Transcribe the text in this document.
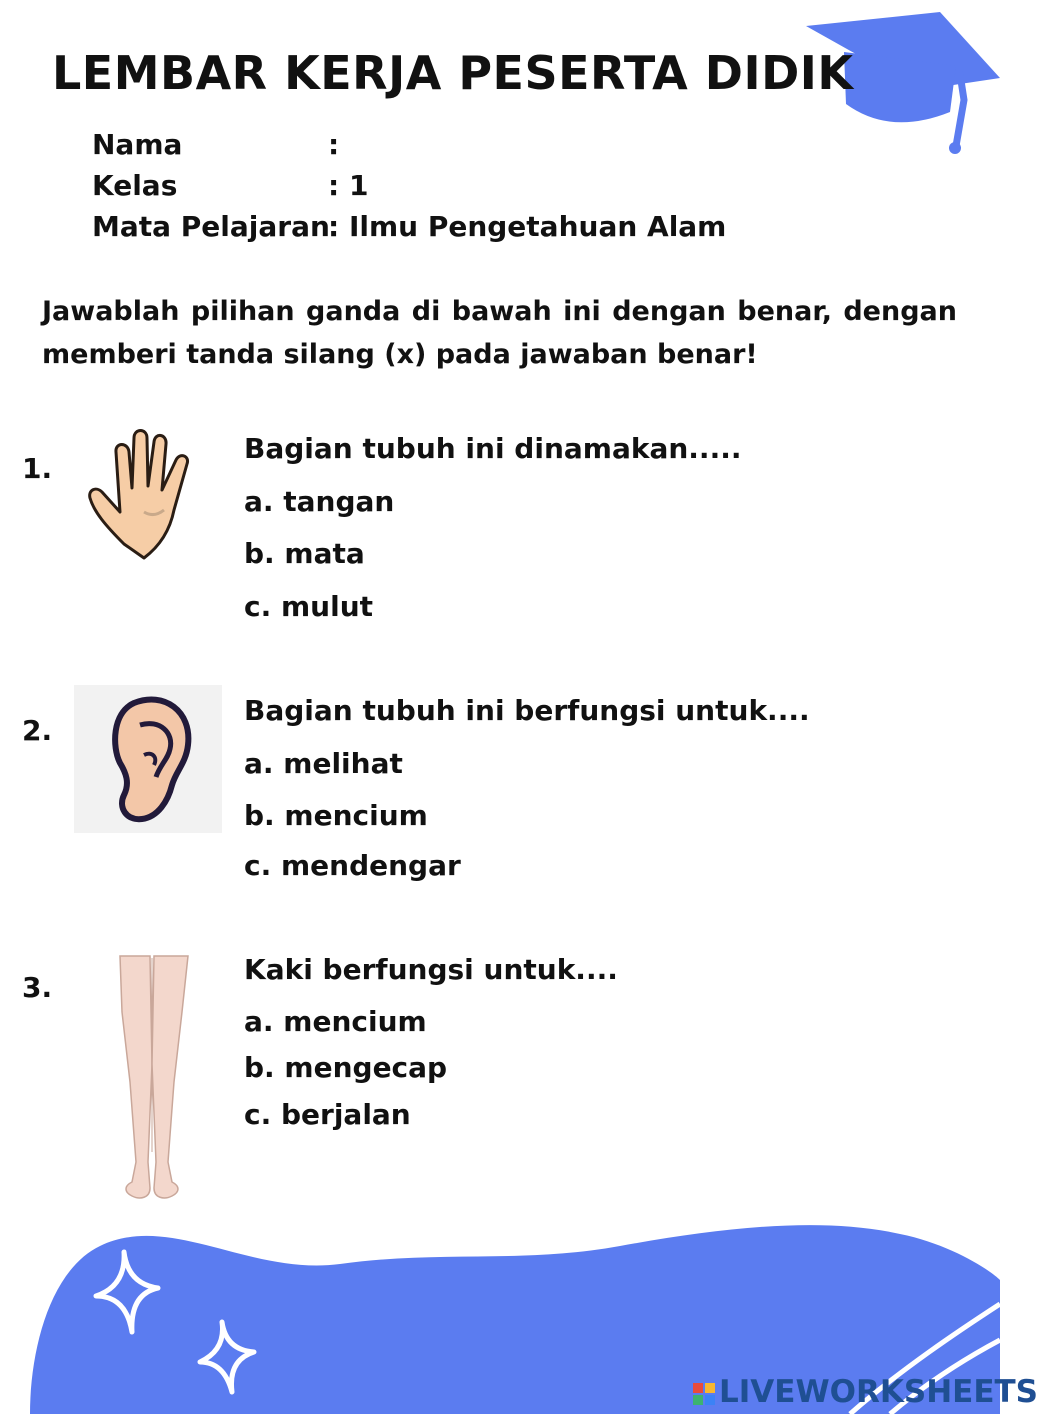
LEMBAR KERJA PESERTA DIDIK
Nama	:
Kelas	: 1
Mata Pelajaran: Ilmu Pengetahuan Alam
Jawablah pilihan ganda di bawah ini dengan benar, dengan memberi tanda silang (x) pada jawaban benar!
1.
Bagian tubuh ini dinamakan.....
a. tangan
b. mata
c. mulut
2.
Bagian tubuh ini berfungsi untuk....
a. melihat
b. mencium
c. mendengar
3.
Kaki berfungsi untuk....
a. mencium
b. mengecap
c. berjalan
LIVEWORKSHEETS
